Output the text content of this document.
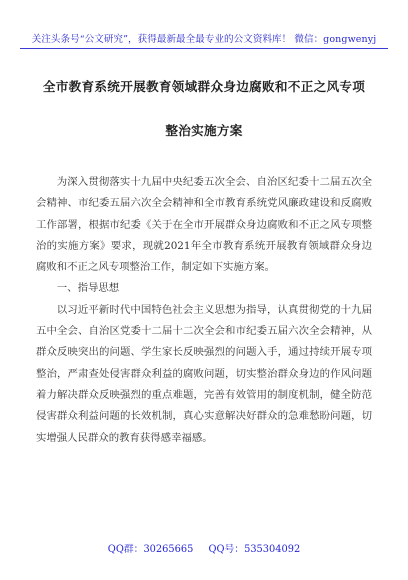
关注头条号“公文研究”，获得最新最全最专业的公文资料库！ 微信：gongwenyj
全市教育系统开展教育领域群众身边腐败和不正之风专项
整治实施方案

为深入贯彻落实十九届中央纪委五次全会、自治区纪委十二届五次全会精神、市纪委五届六次全会精神和全市教育系统党风廉政建设和反腐败工作部署，根据市纪委《关于在全市开展群众身边腐败和不正之风专项整治的实施方案》要求，现就2021年全市教育系统开展教育领域群众身边腐败和不正之风专项整治工作，制定如下实施方案。

一、指导思想

以习近平新时代中国特色社会主义思想为指导，认真贯彻党的十九届五中全会、自治区党委十二届十二次全会和市纪委五届六次全会精神，从群众反映突出的问题、学生家长反映强烈的问题入手，通过持续开展专项整治，严肃查处侵害群众利益的腐败问题，切实整治群众身边的作风问题着力解决群众反映强烈的重点难题，完善有效管用的制度机制，健全防范侵害群众利益问题的长效机制，真心实意解决好群众的急难愁盼问题，切实增强人民群众的教育获得感幸福感。

QQ群：30265665 QQ号：535304092
